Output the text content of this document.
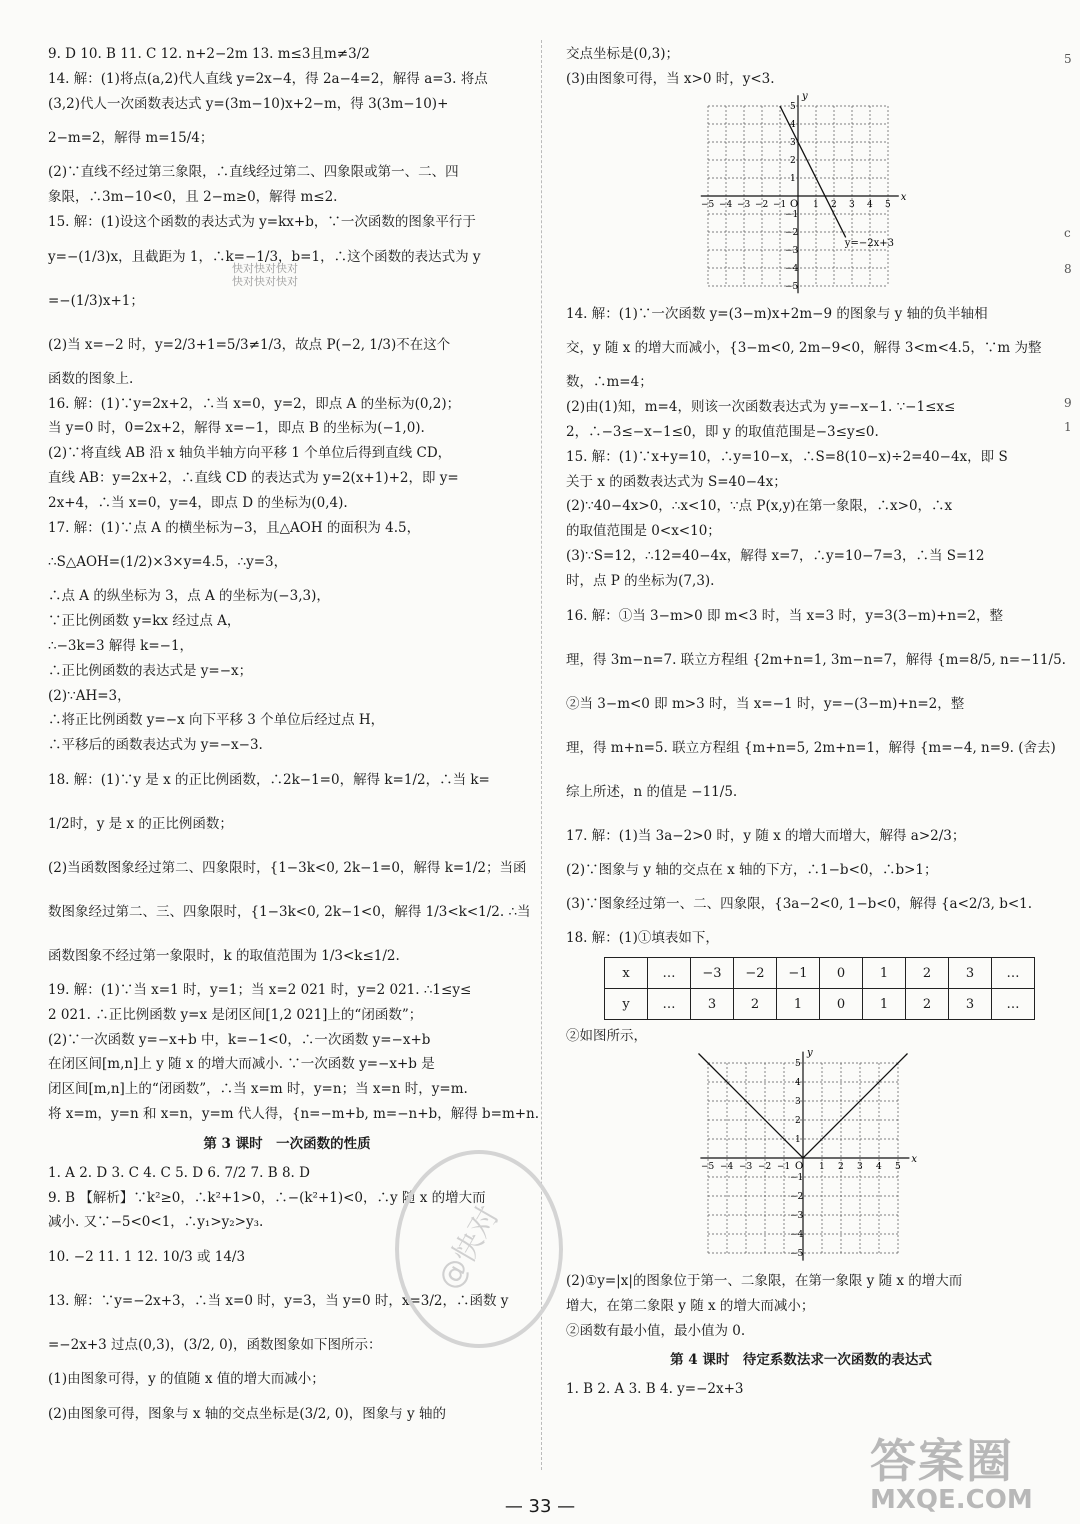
9. D 10. B 11. C 12. n+2−2m 13. m≤3且m≠3/2
14. 解：(1)将点(a,2)代人直线 y=2x−4，得 2a−4=2，解得 a=3. 将点
(3,2)代人一次函数表达式 y=(3m−10)x+2−m，得 3(3m−10)+
2−m=2，解得 m=15/4；
(2)∵直线不经过第三象限，∴直线经过第二、四象限或第一、二、四
象限，∴3m−10<0，且 2−m≥0，解得 m≤2.
15. 解：(1)设这个函数的表达式为 y=kx+b，∵一次函数的图象平行于
y=−(1/3)x，且截距为 1，∴k=−1/3，b=1，∴这个函数的表达式为 y
=−(1/3)x+1；
(2)当 x=−2 时，y=2/3+1=5/3≠1/3，故点 P(−2, 1/3)不在这个
函数的图象上.
16. 解：(1)∵y=2x+2，∴当 x=0，y=2，即点 A 的坐标为(0,2)；
当 y=0 时，0=2x+2，解得 x=−1，即点 B 的坐标为(−1,0).
(2)∵将直线 AB 沿 x 轴负半轴方向平移 1 个单位后得到直线 CD，
直线 AB：y=2x+2，∴直线 CD 的表达式为 y=2(x+1)+2，即 y=
2x+4，∴当 x=0，y=4，即点 D 的坐标为(0,4).
17. 解：(1)∵点 A 的横坐标为−3，且△AOH 的面积为 4.5，
∴S△AOH=(1/2)×3×y=4.5，∴y=3，
∴点 A 的纵坐标为 3，点 A 的坐标为(−3,3)，
∵正比例函数 y=kx 经过点 A，
∴−3k=3 解得 k=−1，
∴正比例函数的表达式是 y=−x；
(2)∵AH=3，
∴将正比例函数 y=−x 向下平移 3 个单位后经过点 H，
∴平移后的函数表达式为 y=−x−3.
18. 解：(1)∵y 是 x 的正比例函数，∴2k−1=0，解得 k=1/2，∴当 k=
1/2时，y 是 x 的正比例函数；
(2)当函数图象经过第二、四象限时，{1−3k<0, 2k−1=0，解得 k=1/2；当函
数图象经过第二、三、四象限时，{1−3k<0, 2k−1<0，解得 1/3<k<1/2. ∴当
函数图象不经过第一象限时，k 的取值范围为 1/3<k≤1/2.
19. 解：(1)∵当 x=1 时，y=1；当 x=2 021 时，y=2 021. ∴1≤y≤
2 021. ∴正比例函数 y=x 是闭区间[1,2 021]上的“闭函数”；
(2)∵一次函数 y=−x+b 中，k=−1<0，∴一次函数 y=−x+b
在闭区间[m,n]上 y 随 x 的增大而减小. ∵一次函数 y=−x+b 是
闭区间[m,n]上的“闭函数”，∴当 x=m 时，y=n；当 x=n 时，y=m.
将 x=m，y=n 和 x=n，y=m 代人得，{n=−m+b, m=−n+b，解得 b=m+n.
第 3 课时　一次函数的性质
1. A 2. D 3. C 4. C 5. D 6. 7/2 7. B 8. D
9. B 【解析】∵k²≥0，∴k²+1>0，∴−(k²+1)<0，∴y 随 x 的增大而
减小. 又∵−5<0<1，∴y₁>y₂>y₃.
10. −2 11. 1 12. 10/3 或 14/3
13. 解：∵y=−2x+3，∴当 x=0 时，y=3，当 y=0 时，x=3/2，∴函数 y
=−2x+3 过点(0,3)，(3/2, 0)，函数图象如下图所示：
(1)由图象可得，y 的值随 x 值的增大而减小；
(2)由图象可得，图象与 x 轴的交点坐标是(3/2, 0)，图象与 y 轴的
交点坐标是(0,3)；
(3)由图象可得，当 x>0 时，y<3.
x
y
O
−5
−5
−4
−4
−3
−3
−2
−2
−1
−1
1
1
2
2
3
3
4
4
5
5
y=−2x+3
14. 解：(1)∵一次函数 y=(3−m)x+2m−9 的图象与 y 轴的负半轴相
交，y 随 x 的增大而减小，{3−m<0, 2m−9<0，解得 3<m<4.5，∵m 为整
数，∴m=4；
(2)由(1)知，m=4，则该一次函数表达式为 y=−x−1. ∵−1≤x≤
2，∴−3≤−x−1≤0，即 y 的取值范围是−3≤y≤0.
15. 解：(1)∵x+y=10，∴y=10−x，∴S=8(10−x)÷2=40−4x，即 S
关于 x 的函数表达式为 S=40−4x；
(2)∵40−4x>0，∴x<10，∵点 P(x,y)在第一象限，∴x>0，∴x
的取值范围是 0<x<10；
(3)∵S=12，∴12=40−4x，解得 x=7，∴y=10−7=3，∴当 S=12
时，点 P 的坐标为(7,3).
16. 解：①当 3−m>0 即 m<3 时，当 x=3 时，y=3(3−m)+n=2，整
理，得 3m−n=7. 联立方程组 {2m+n=1, 3m−n=7，解得 {m=8/5, n=−11/5.
②当 3−m<0 即 m>3 时，当 x=−1 时，y=−(3−m)+n=2，整
理，得 m+n=5. 联立方程组 {m+n=5, 2m+n=1，解得 {m=−4, n=9. (舍去)
综上所述，n 的值是 −11/5.
17. 解：(1)当 3a−2>0 时，y 随 x 的增大而增大，解得 a>2/3；
(2)∵图象与 y 轴的交点在 x 轴的下方，∴1−b<0，∴b>1；
(3)∵图象经过第一、二、四象限，{3a−2<0, 1−b<0，解得 {a<2/3, b<1.
18. 解：(1)①填表如下，
x	…	−3	−2	−1	0	1	2	3	…
y	…	3	2	1	0	1	2	3	…
②如图所示，
x
y
O
−5
−5
−4
−4
−3
−3
−2
−2
−1
−1
1
1
2
2
3
3
4
4
5
5
(2)①y=|x|的图象位于第一、二象限，在第一象限 y 随 x 的增大而
增大，在第二象限 y 随 x 的增大而减小；
②函数有最小值，最小值为 0.
第 4 课时　待定系数法求一次函数的表达式
1. B 2. A 3. B 4. y=−2x+3
快对快对快对
快对快对快对
@快对
答案圈
MXQE.COM
5
c
8
9
1
— 33 —
